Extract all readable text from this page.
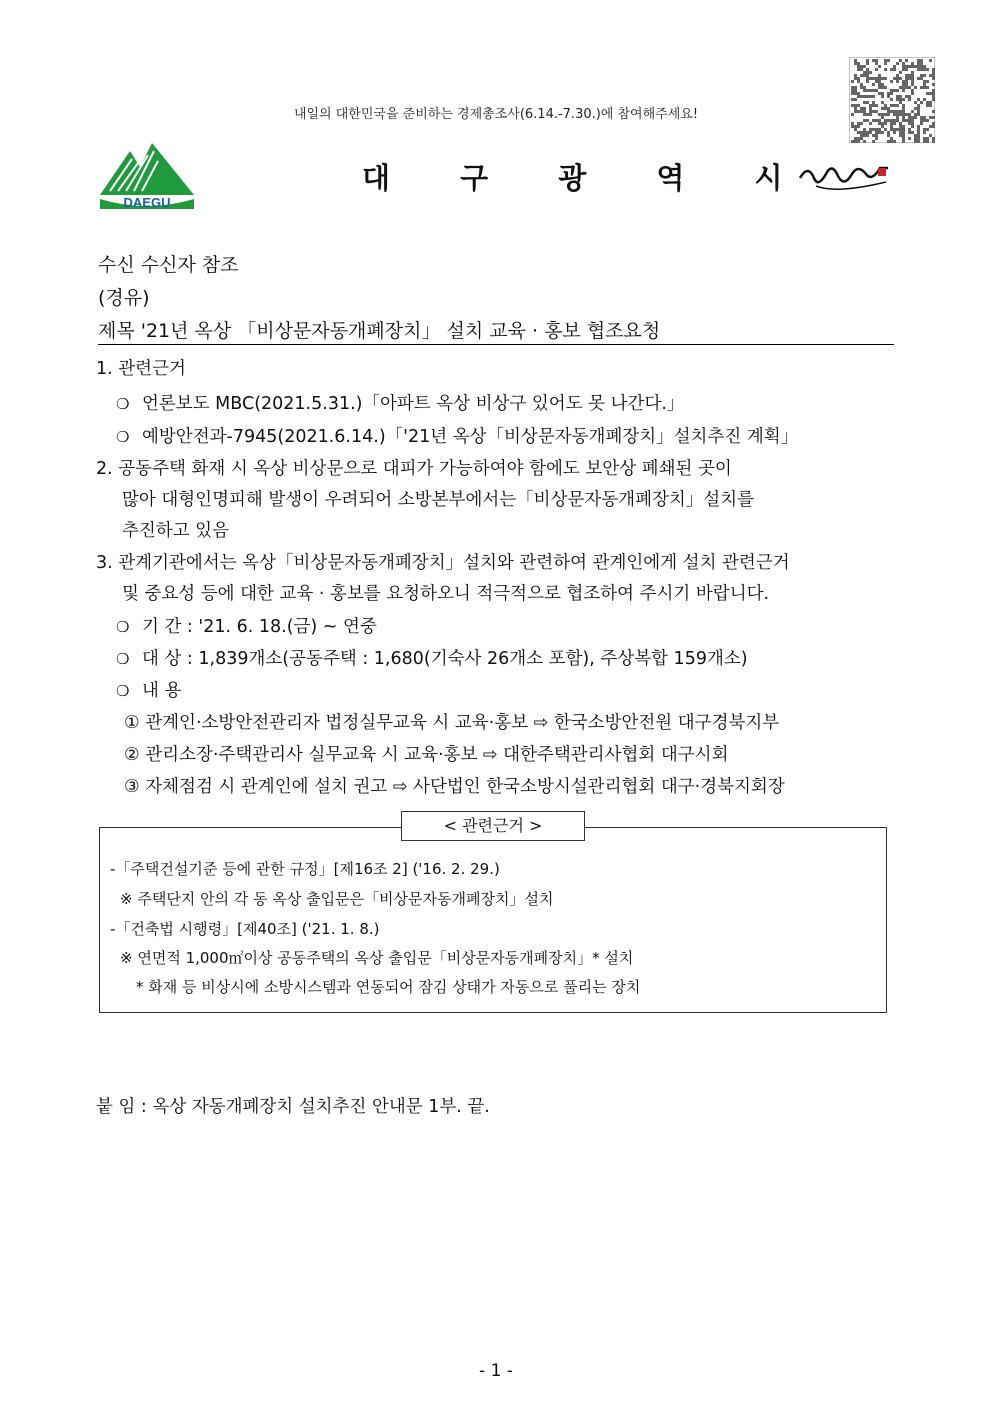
내일의 대한민국을 준비하는 경제총조사(6.14.-7.30.)에 참여해주세요!
DAEGU
대 구 광 역 시
수신 수신자 참조
(경유)
제목 '21년 옥상 「비상문자동개폐장치」 설치 교육 · 홍보 협조요청
1. 관련근거
❍ 언론보도 MBC(2021.5.31.)「아파트 옥상 비상구 있어도 못 나간다.」
❍ 예방안전과-7945(2021.6.14.)「'21년 옥상「비상문자동개폐장치」설치추진 계획」
2. 공동주택 화재 시 옥상 비상문으로 대피가 가능하여야 함에도 보안상 폐쇄된 곳이
많아 대형인명피해 발생이 우려되어 소방본부에서는「비상문자동개폐장치」설치를
추진하고 있음
3. 관계기관에서는 옥상「비상문자동개폐장치」설치와 관련하여 관계인에게 설치 관련근거
및 중요성 등에 대한 교육 · 홍보를 요청하오니 적극적으로 협조하여 주시기 바랍니다.
❍ 기 간 : '21. 6. 18.(금) ~ 연중
❍ 대 상 : 1,839개소(공동주택 : 1,680(기숙사 26개소 포함), 주상복합 159개소)
❍ 내 용
① 관계인·소방안전관리자 법정실무교육 시 교육·홍보 ⇨ 한국소방안전원 대구경북지부
② 관리소장·주택관리사 실무교육 시 교육·홍보 ⇨ 대한주택관리사협회 대구시회
③ 자체점검 시 관계인에 설치 권고 ⇨ 사단법인 한국소방시설관리협회 대구·경북지회장
< 관련근거 >
-「주택건설기준 등에 관한 규정」[제16조 2] ('16. 2. 29.)
※ 주택단지 안의 각 동 옥상 출입문은「비상문자동개폐장치」설치
-「건축법 시행령」[제40조] ('21. 1. 8.)
※ 연면적 1,000㎡이상 공동주택의 옥상 출입문「비상문자동개폐장치」* 설치
* 화재 등 비상시에 소방시스템과 연동되어 잠김 상태가 자동으로 풀리는 장치
붙 임 : 옥상 자동개폐장치 설치추진 안내문 1부. 끝.
- 1 -
